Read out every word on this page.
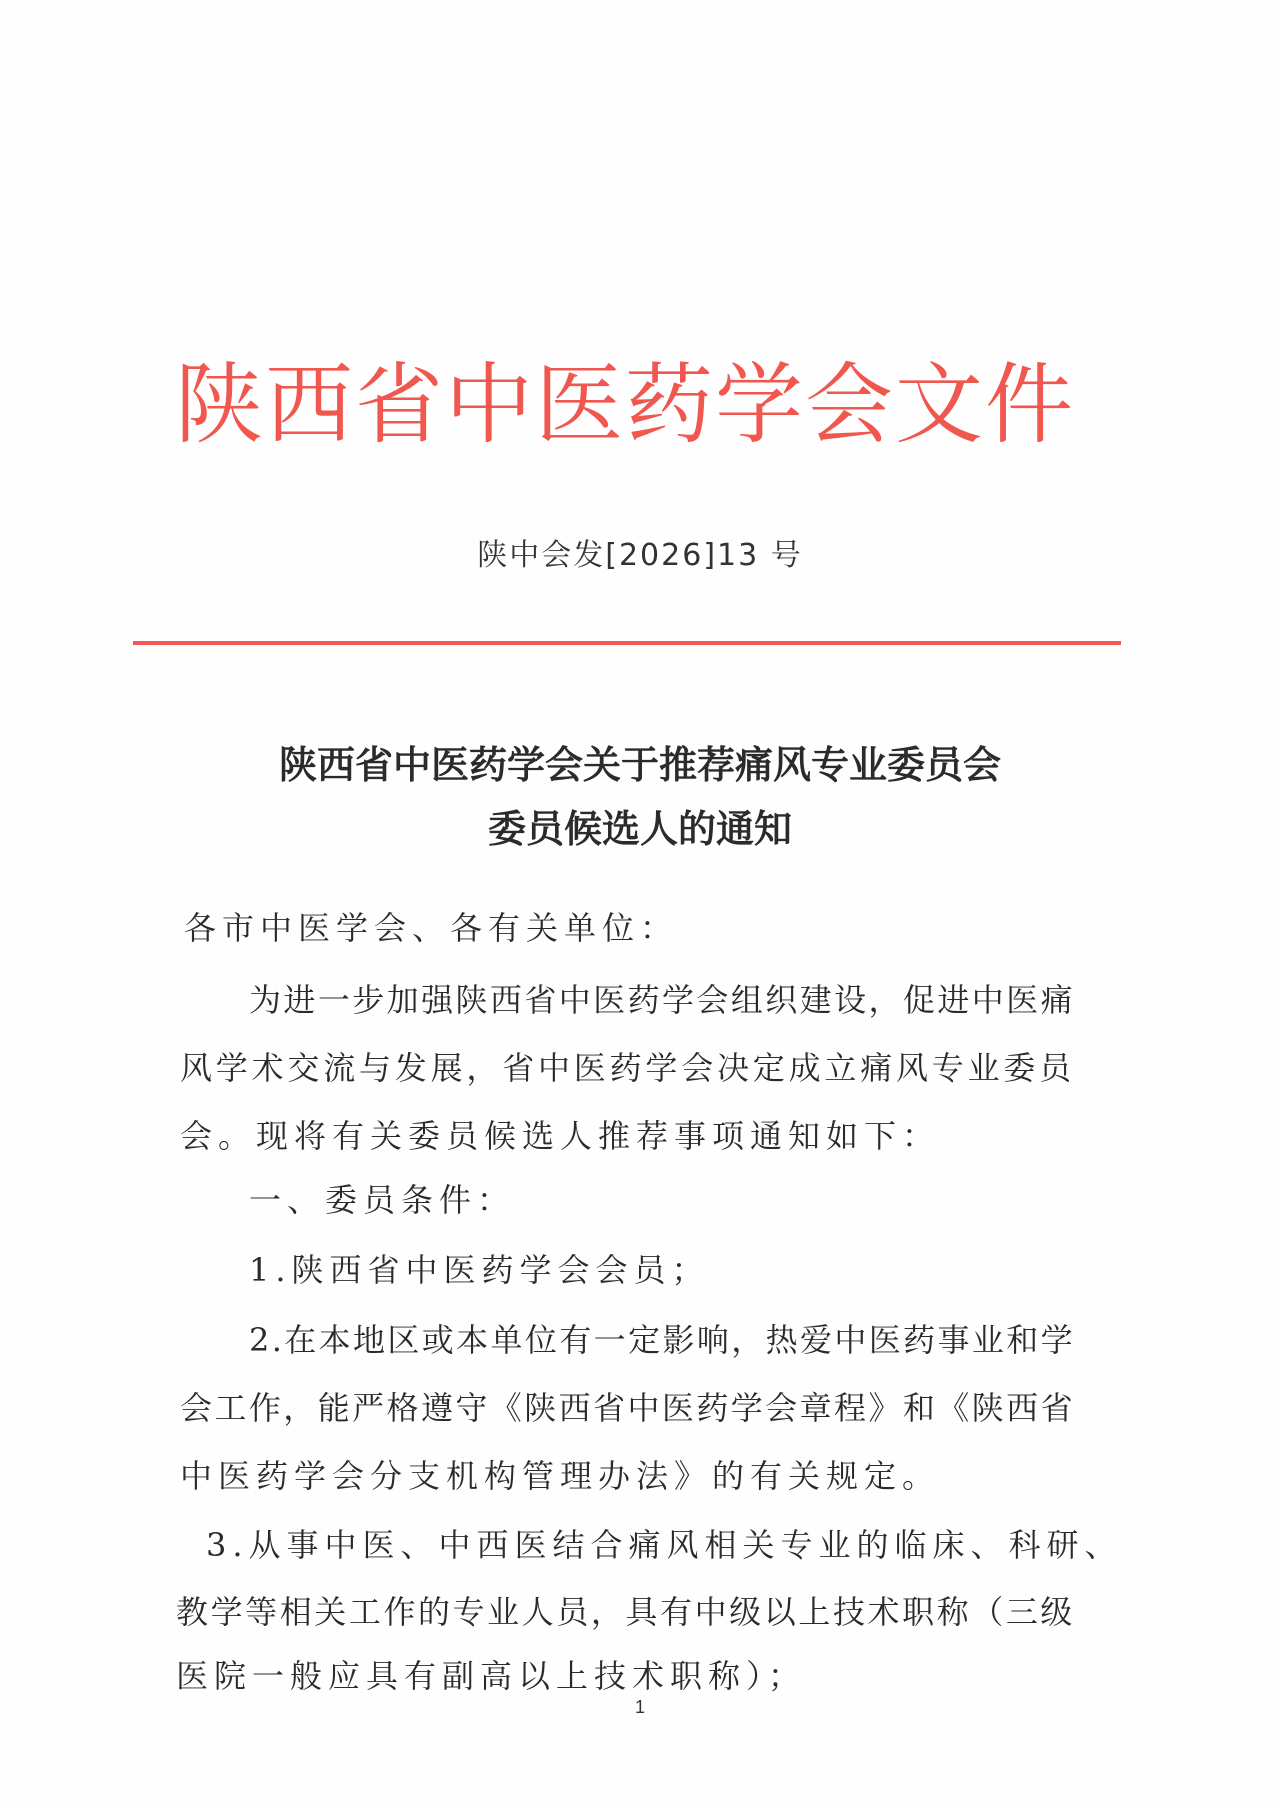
陕西省中医药学会文件
陕中会发[2026]13 号
陕西省中医药学会关于推荐痛风专业委员会
委员候选人的通知
各市中医学会、各有关单位：
为进一步加强陕西省中医药学会组织建设，促进中医痛
风学术交流与发展，省中医药学会决定成立痛风专业委员
会。现将有关委员候选人推荐事项通知如下：
一、委员条件：
1.陕西省中医药学会会员；
2.在本地区或本单位有一定影响，热爱中医药事业和学
会工作，能严格遵守《陕西省中医药学会章程》和《陕西省
中医药学会分支机构管理办法》的有关规定。
3.从事中医、中西医结合痛风相关专业的临床、科研、
教学等相关工作的专业人员，具有中级以上技术职称（三级
医院一般应具有副高以上技术职称）；
1
